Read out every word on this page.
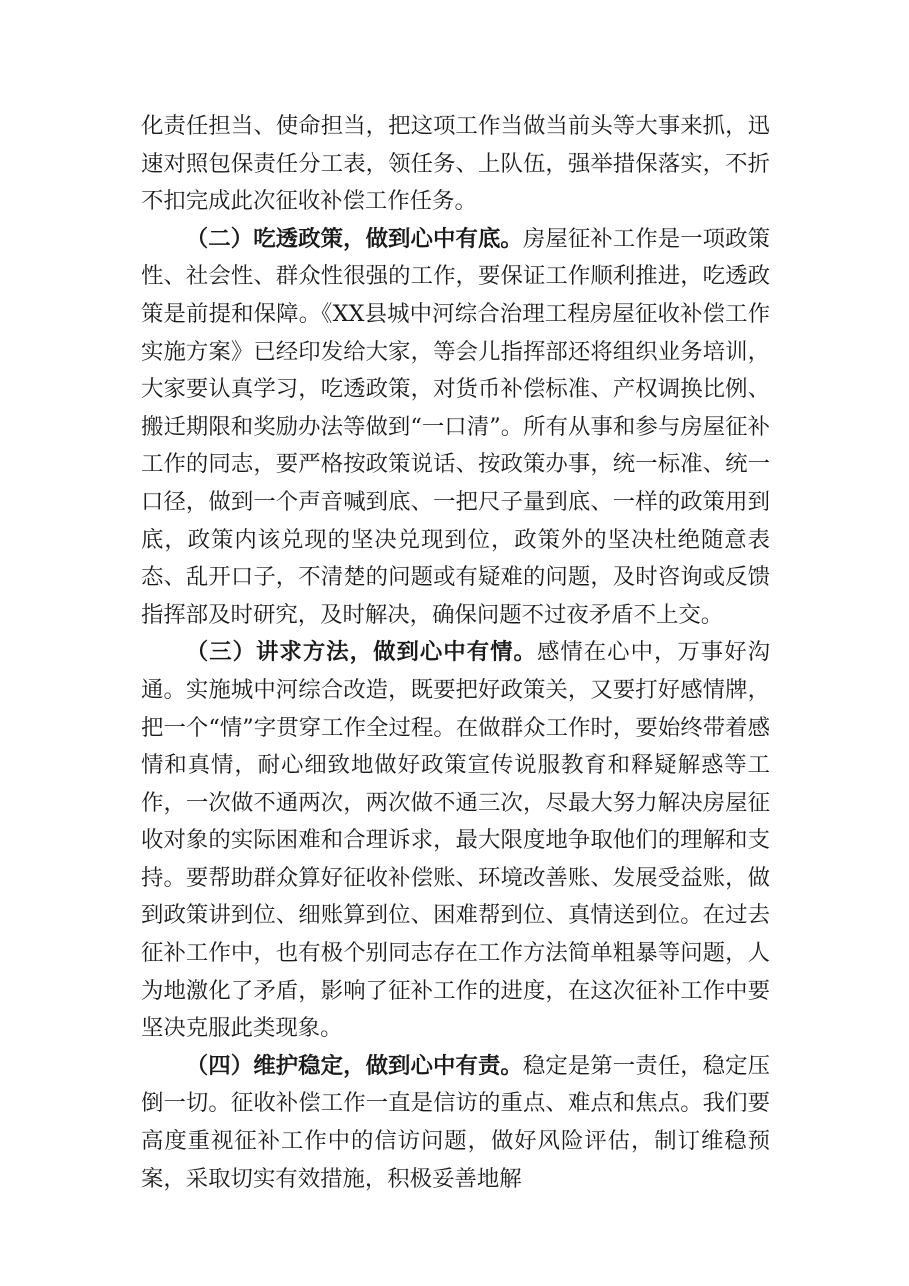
化责任担当、使命担当，把这项工作当做当前头等大事来抓，迅速对照包保责任分工表，领任务、上队伍，强举措保落实，不折不扣完成此次征收补偿工作任务。

（二）吃透政策，做到心中有底。房屋征补工作是一项政策性、社会性、群众性很强的工作，要保证工作顺利推进，吃透政策是前提和保障。《XX县城中河综合治理工程房屋征收补偿工作实施方案》已经印发给大家，等会儿指挥部还将组织业务培训，大家要认真学习，吃透政策，对货币补偿标准、产权调换比例、搬迁期限和奖励办法等做到“一口清”。所有从事和参与房屋征补工作的同志，要严格按政策说话、按政策办事，统一标准、统一口径，做到一个声音喊到底、一把尺子量到底、一样的政策用到底，政策内该兑现的坚决兑现到位，政策外的坚决杜绝随意表态、乱开口子，不清楚的问题或有疑难的问题，及时咨询或反馈指挥部及时研究，及时解决，确保问题不过夜矛盾不上交。

（三）讲求方法，做到心中有情。感情在心中，万事好沟通。实施城中河综合改造，既要把好政策关，又要打好感情牌，把一个“情”字贯穿工作全过程。在做群众工作时，要始终带着感情和真情，耐心细致地做好政策宣传说服教育和释疑解惑等工作，一次做不通两次，两次做不通三次，尽最大努力解决房屋征收对象的实际困难和合理诉求，最大限度地争取他们的理解和支持。要帮助群众算好征收补偿账、环境改善账、发展受益账，做到政策讲到位、细账算到位、困难帮到位、真情送到位。在过去征补工作中，也有极个别同志存在工作方法简单粗暴等问题，人为地激化了矛盾，影响了征补工作的进度，在这次征补工作中要坚决克服此类现象。

（四）维护稳定，做到心中有责。稳定是第一责任，稳定压倒一切。征收补偿工作一直是信访的重点、难点和焦点。我们要高度重视征补工作中的信访问题，做好风险评估，制订维稳预案，采取切实有效措施，积极妥善地解
